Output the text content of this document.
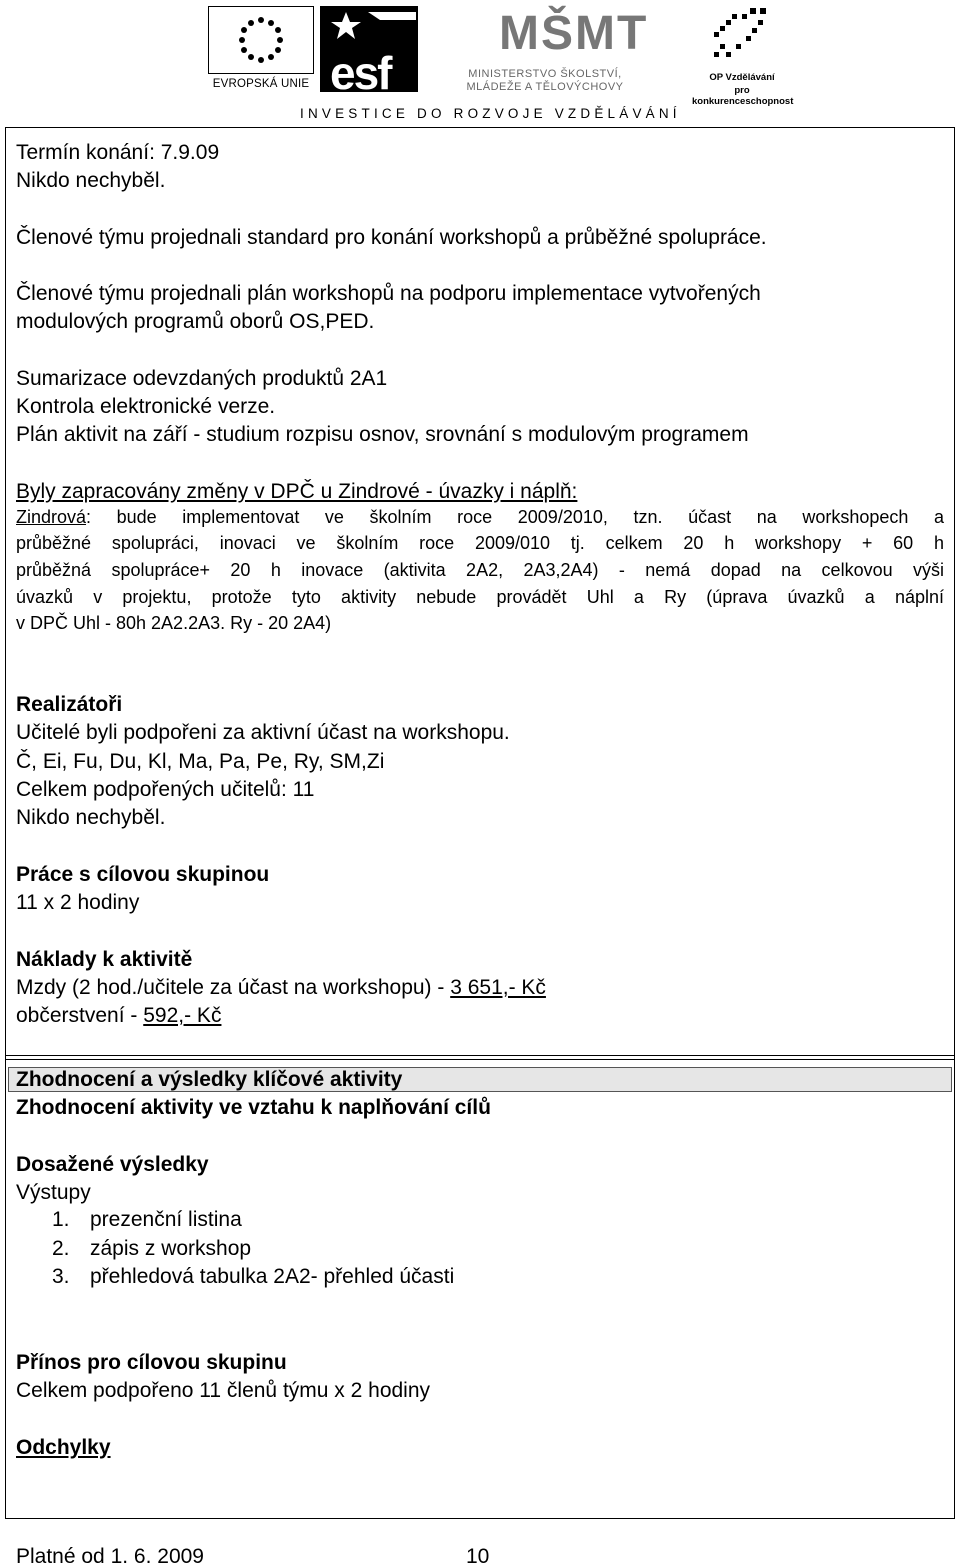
EVROPSKÁ UNIE esf
MŠMT
MINISTERSTVO ŠKOLSTVÍ,
MLÁDEŽE A TĚLOVÝCHOVY
OP Vzdělávání
pro konkurenceschopnost
INVESTICE DO ROZVOJE VZDĚLÁVÁNÍ
Termín konání: 7.9.09
Nikdo nechyběl.
Členové týmu projednali standard pro konání workshopů a průběžné spolupráce.
Členové týmu projednali plán workshopů na podporu implementace vytvořených
modulových programů oborů OS,PED.
Sumarizace odevzdaných produktů 2A1
Kontrola elektronické verze.
Plán aktivit na září - studium rozpisu osnov, srovnání s modulovým programem
Byly zapracovány změny v DPČ u Zindrové - úvazky i náplň:
Zindrová: bude implementovat ve školním roce 2009/2010, tzn. účast na workshopech a
průběžné spolupráci, inovaci ve školním roce 2009/010 tj. celkem 20 h workshopy + 60 h
průběžná spolupráce+ 20 h inovace (aktivita 2A2, 2A3,2A4) - nemá dopad na celkovou výši
úvazků v projektu, protože tyto aktivity nebude provádět Uhl a Ry (úprava úvazků a náplní
v DPČ Uhl - 80h 2A2.2A3. Ry - 20 2A4)
Realizátoři
Učitelé byli podpořeni za aktivní účast na workshopu.
Č, Ei, Fu, Du, Kl, Ma, Pa, Pe, Ry, SM,Zi
Celkem podpořených učitelů: 11
Nikdo nechyběl.
Práce s cílovou skupinou
11 x 2 hodiny
Náklady k aktivitě
Mzdy (2 hod./učitele za účast na workshopu) - 3 651,- Kč
občerstvení - 592,- Kč
Zhodnocení a výsledky klíčové aktivity
Zhodnocení aktivity ve vztahu k naplňování cílů
Dosažené výsledky
Výstupy
1. prezenční listina
2. zápis z workshop
3. přehledová tabulka 2A2- přehled účasti
Přínos pro cílovou skupinu
Celkem podpořeno 11 členů týmu x 2 hodiny
Odchylky
Platné od 1. 6. 2009	10
